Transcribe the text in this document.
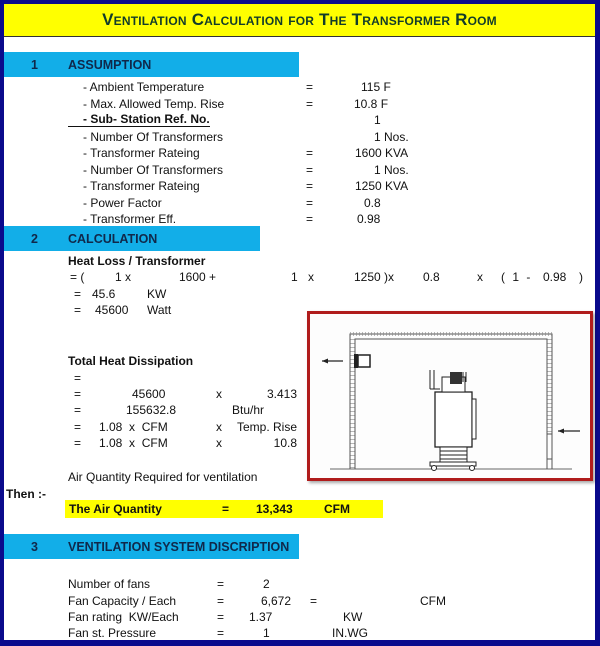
Ventilation Calculation for The Transformer Room
1 ASSUMPTION
- Ambient Temperature	=	115 F
- Max. Allowed Temp. Rise	=	10.8 F
- Sub- Station Ref. No.	1
- Number Of Transformers	1 Nos.
- Transformer Rateing	=	1600 KVA
- Number Of Transformers	=	1 Nos.
- Transformer Rateing	=	1250 KVA
- Power Factor	=	0.8
- Transformer Eff.	=	0.98
2 CALCULATION
Heat Loss / Transformer
= (	1 x	1600 +	1 x	1250 )x 0.8	x ( 1 - 0.98 )
= 45.6	KW
= 45600 Watt
Total Heat Dissipation
=
=	45600	x	3.413
=	155632.8	Btu/hr
= 1.08  x  CFM	x	Temp. Rise
= 1.08  x  CFM	x	10.8
Air Quantity Required for ventilation
Then :-
The Air Quantity	= 13,343	CFM
3 VENTILATION SYSTEM DISCRIPTION
Number of fans	=	2
Fan Capacity / Each	=	6,672 =	CFM
Fan rating  KW/Each	= 1.37	KW
Fan st. Pressure	=	1	IN.WG
